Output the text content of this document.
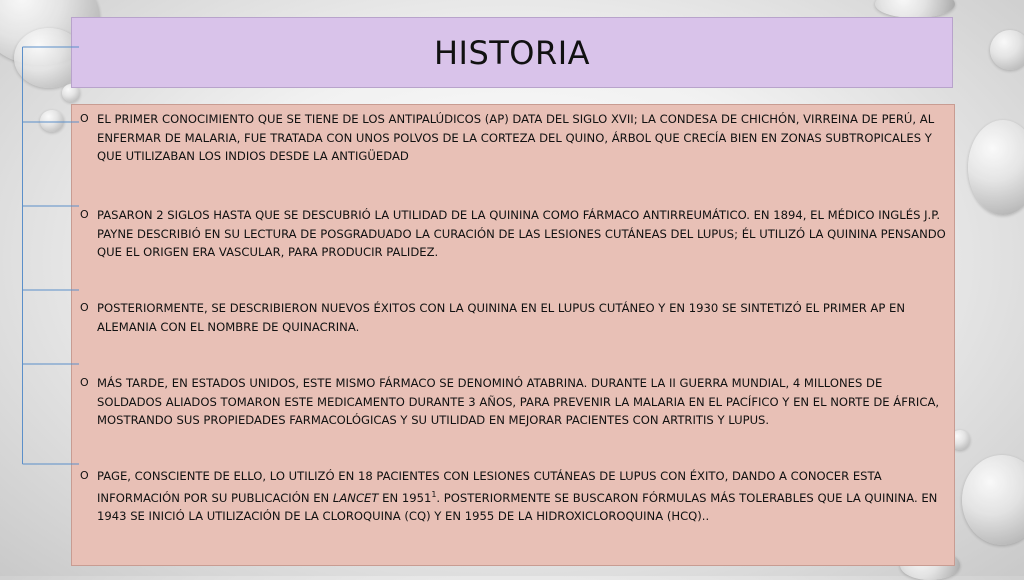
HISTORIA
O EL PRIMER CONOCIMIENTO QUE SE TIENE DE LOS ANTIPALÚDICOS (AP) DATA DEL SIGLO XVII; LA CONDESA DE CHICHÓN, VIRREINA DE PERÚ, AL ENFERMAR DE MALARIA, FUE TRATADA CON UNOS POLVOS DE LA CORTEZA DEL QUINO, ÁRBOL QUE CRECÍA BIEN EN ZONAS SUBTROPICALES Y QUE UTILIZABAN LOS INDIOS DESDE LA ANTIGÜEDAD
O PASARON 2 SIGLOS HASTA QUE SE DESCUBRIÓ LA UTILIDAD DE LA QUININA COMO FÁRMACO ANTIRREUMÁTICO. EN 1894, EL MÉDICO INGLÉS J.P. PAYNE DESCRIBIÓ EN SU LECTURA DE POSGRADUADO LA CURACIÓN DE LAS LESIONES CUTÁNEAS DEL LUPUS; ÉL UTILIZÓ LA QUININA PENSANDO QUE EL ORIGEN ERA VASCULAR, PARA PRODUCIR PALIDEZ.
O POSTERIORMENTE, SE DESCRIBIERON NUEVOS ÉXITOS CON LA QUININA EN EL LUPUS CUTÁNEO Y EN 1930 SE SINTETIZÓ EL PRIMER AP EN ALEMANIA CON EL NOMBRE DE QUINACRINA.
O MÁS TARDE, EN ESTADOS UNIDOS, ESTE MISMO FÁRMACO SE DENOMINÓ ATABRINA. DURANTE LA II GUERRA MUNDIAL, 4 MILLONES DE SOLDADOS ALIADOS TOMARON ESTE MEDICAMENTO DURANTE 3 AÑOS, PARA PREVENIR LA MALARIA EN EL PACÍFICO Y EN EL NORTE DE ÁFRICA, MOSTRANDO SUS PROPIEDADES FARMACOLÓGICAS Y SU UTILIDAD EN MEJORAR PACIENTES CON ARTRITIS Y LUPUS.
O PAGE, CONSCIENTE DE ELLO, LO UTILIZÓ EN 18 PACIENTES CON LESIONES CUTÁNEAS DE LUPUS CON ÉXITO, DANDO A CONOCER ESTA INFORMACIÓN POR SU PUBLICACIÓN EN LANCET EN 1951$^1$. POSTERIORMENTE SE BUSCARON FÓRMULAS MÁS TOLERABLES QUE LA QUININA. EN 1943 SE INICIÓ LA UTILIZACIÓN DE LA CLOROQUINA (CQ) Y EN 1955 DE LA HIDROXICLOROQUINA (HCQ)..
